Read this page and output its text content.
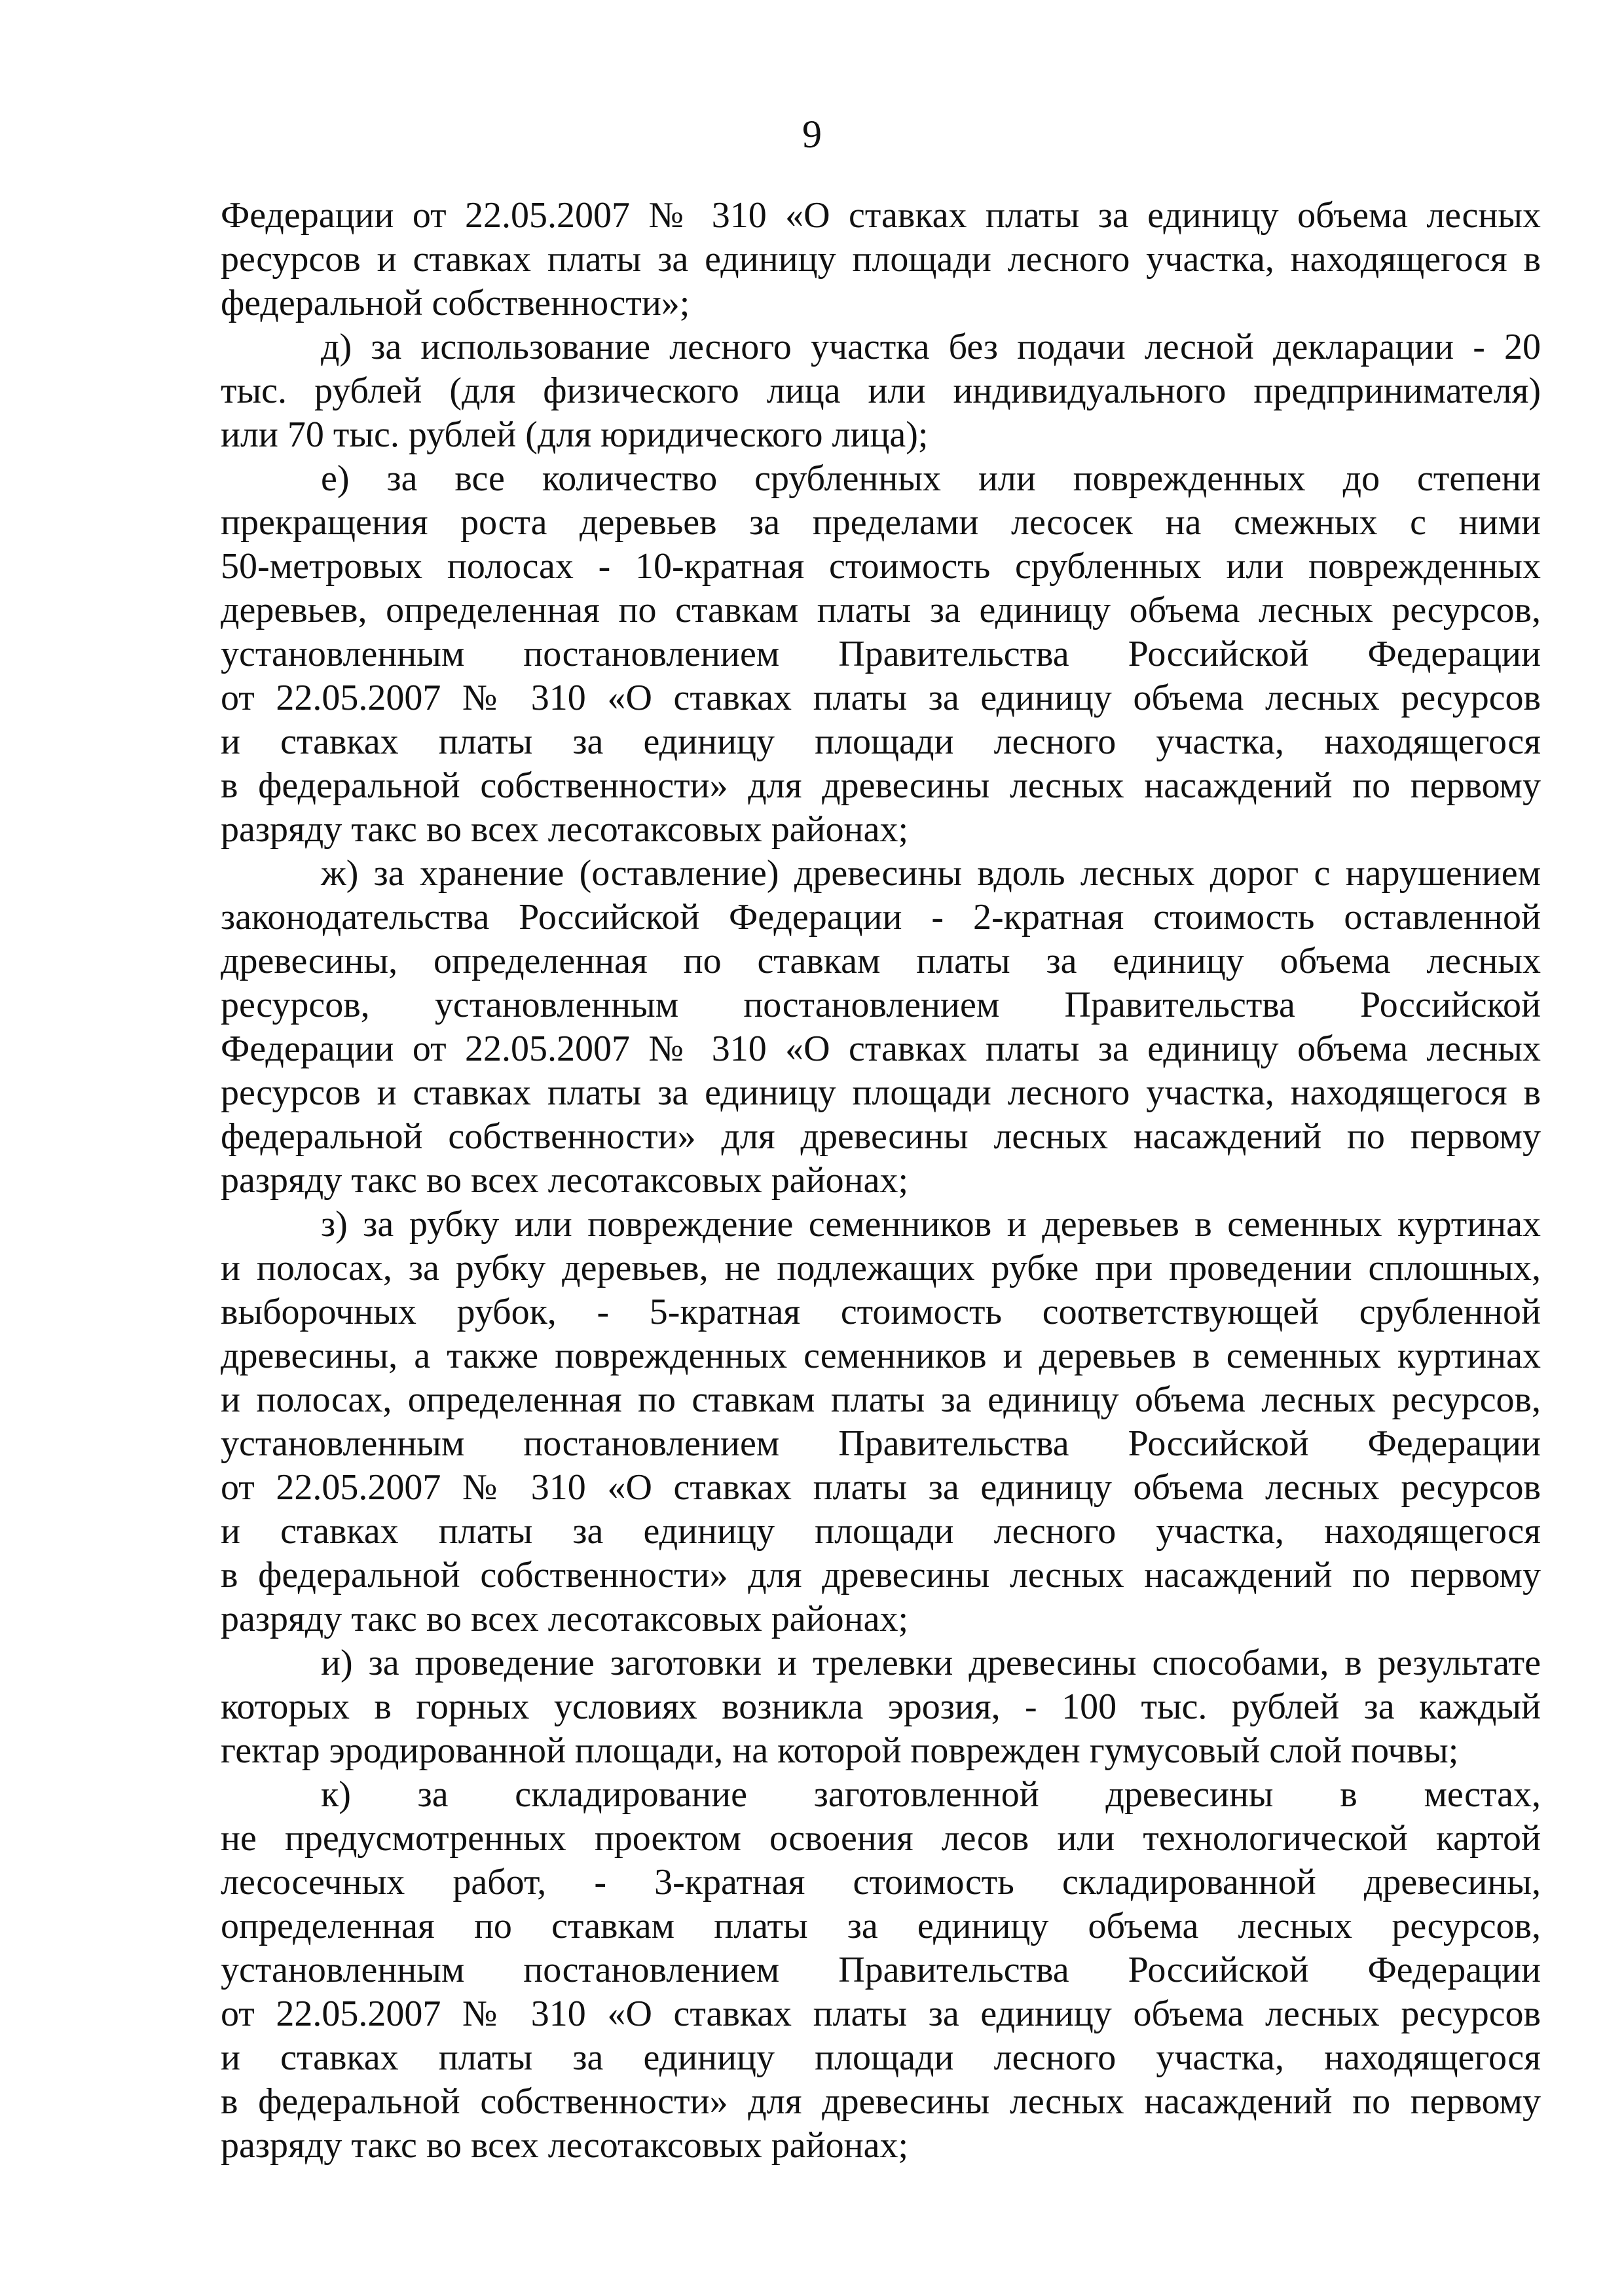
9
Федерации от 22.05.2007 № 310 «О ставках платы за единицу объема лесных
ресурсов и ставках платы за единицу площади лесного участка, находящегося в
федеральной собственности»;
д) за использование лесного участка без подачи лесной декларации - 20
тыс. рублей (для физического лица или индивидуального предпринимателя)
или 70 тыс. рублей (для юридического лица);
е) за все количество срубленных или поврежденных до степени
прекращения роста деревьев за пределами лесосек на смежных с ними
50-метровых полосах - 10-кратная стоимость срубленных или поврежденных
деревьев, определенная по ставкам платы за единицу объема лесных ресурсов,
установленным постановлением Правительства Российской Федерации
от 22.05.2007 № 310 «О ставках платы за единицу объема лесных ресурсов
и ставках платы за единицу площади лесного участка, находящегося
в федеральной собственности» для древесины лесных насаждений по первому
разряду такс во всех лесотаксовых районах;
ж) за хранение (оставление) древесины вдоль лесных дорог с нарушением
законодательства Российской Федерации - 2-кратная стоимость оставленной
древесины, определенная по ставкам платы за единицу объема лесных
ресурсов, установленным постановлением Правительства Российской
Федерации от 22.05.2007 № 310 «О ставках платы за единицу объема лесных
ресурсов и ставках платы за единицу площади лесного участка, находящегося в
федеральной собственности» для древесины лесных насаждений по первому
разряду такс во всех лесотаксовых районах;
з) за рубку или повреждение семенников и деревьев в семенных куртинах
и полосах, за рубку деревьев, не подлежащих рубке при проведении сплошных,
выборочных рубок, - 5-кратная стоимость соответствующей срубленной
древесины, а также поврежденных семенников и деревьев в семенных куртинах
и полосах, определенная по ставкам платы за единицу объема лесных ресурсов,
установленным постановлением Правительства Российской Федерации
от 22.05.2007 № 310 «О ставках платы за единицу объема лесных ресурсов
и ставках платы за единицу площади лесного участка, находящегося
в федеральной собственности» для древесины лесных насаждений по первому
разряду такс во всех лесотаксовых районах;
и) за проведение заготовки и трелевки древесины способами, в результате
которых в горных условиях возникла эрозия, - 100 тыс. рублей за каждый
гектар эродированной площади, на которой поврежден гумусовый слой почвы;
к) за складирование заготовленной древесины в местах,
не предусмотренных проектом освоения лесов или технологической картой
лесосечных работ, - 3-кратная стоимость складированной древесины,
определенная по ставкам платы за единицу объема лесных ресурсов,
установленным постановлением Правительства Российской Федерации
от 22.05.2007 № 310 «О ставках платы за единицу объема лесных ресурсов
и ставках платы за единицу площади лесного участка, находящегося
в федеральной собственности» для древесины лесных насаждений по первому
разряду такс во всех лесотаксовых районах;
